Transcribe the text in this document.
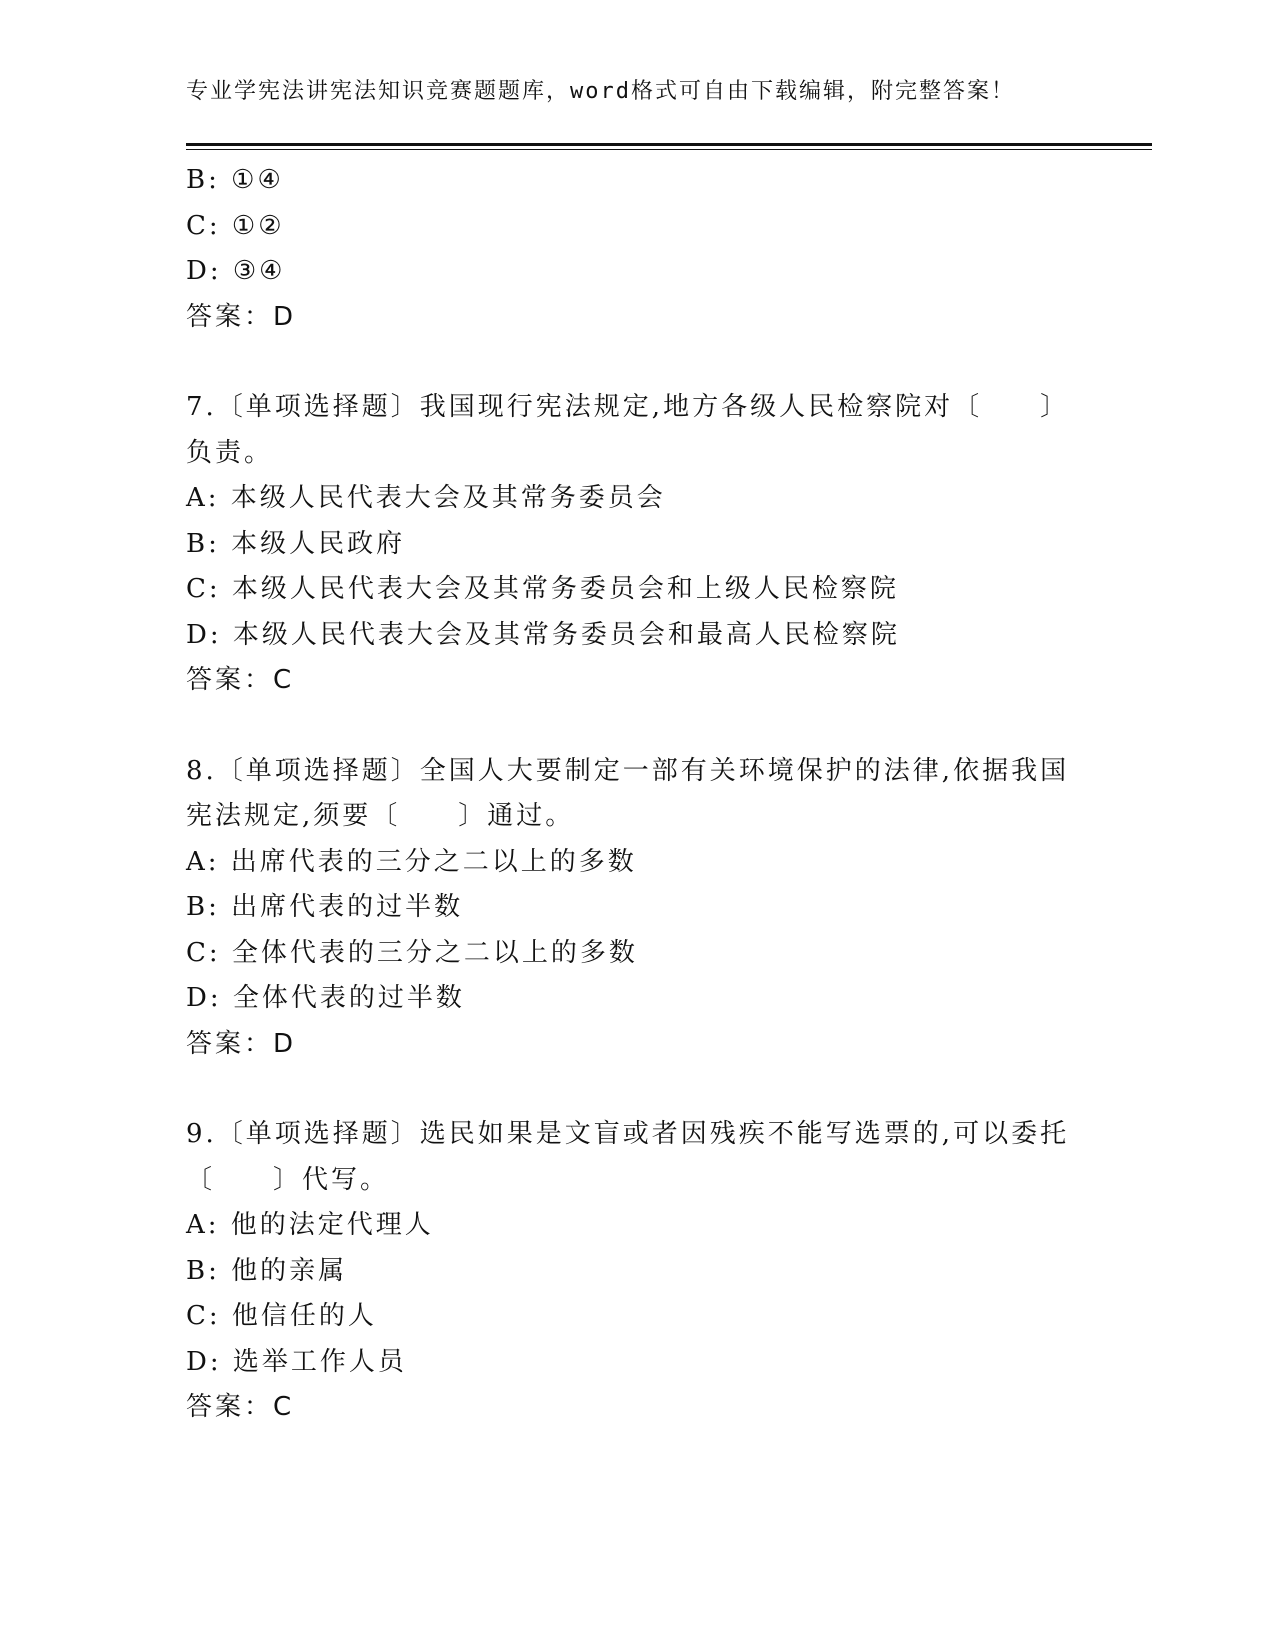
专业学宪法讲宪法知识竞赛题题库，word格式可自由下载编辑，附完整答案！
B: ①④
C: ①②
D: ③④
答案：D
7.〔单项选择题〕我国现行宪法规定,地方各级人民检察院对〔　　〕
负责。
A: 本级人民代表大会及其常务委员会
B: 本级人民政府
C: 本级人民代表大会及其常务委员会和上级人民检察院
D: 本级人民代表大会及其常务委员会和最高人民检察院
答案：C
8.〔单项选择题〕全国人大要制定一部有关环境保护的法律,依据我国
宪法规定,须要〔　　〕通过。
A: 出席代表的三分之二以上的多数
B: 出席代表的过半数
C: 全体代表的三分之二以上的多数
D: 全体代表的过半数
答案：D
9.〔单项选择题〕选民如果是文盲或者因残疾不能写选票的,可以委托
〔　　〕代写。
A: 他的法定代理人
B: 他的亲属
C: 他信任的人
D: 选举工作人员
答案：C
